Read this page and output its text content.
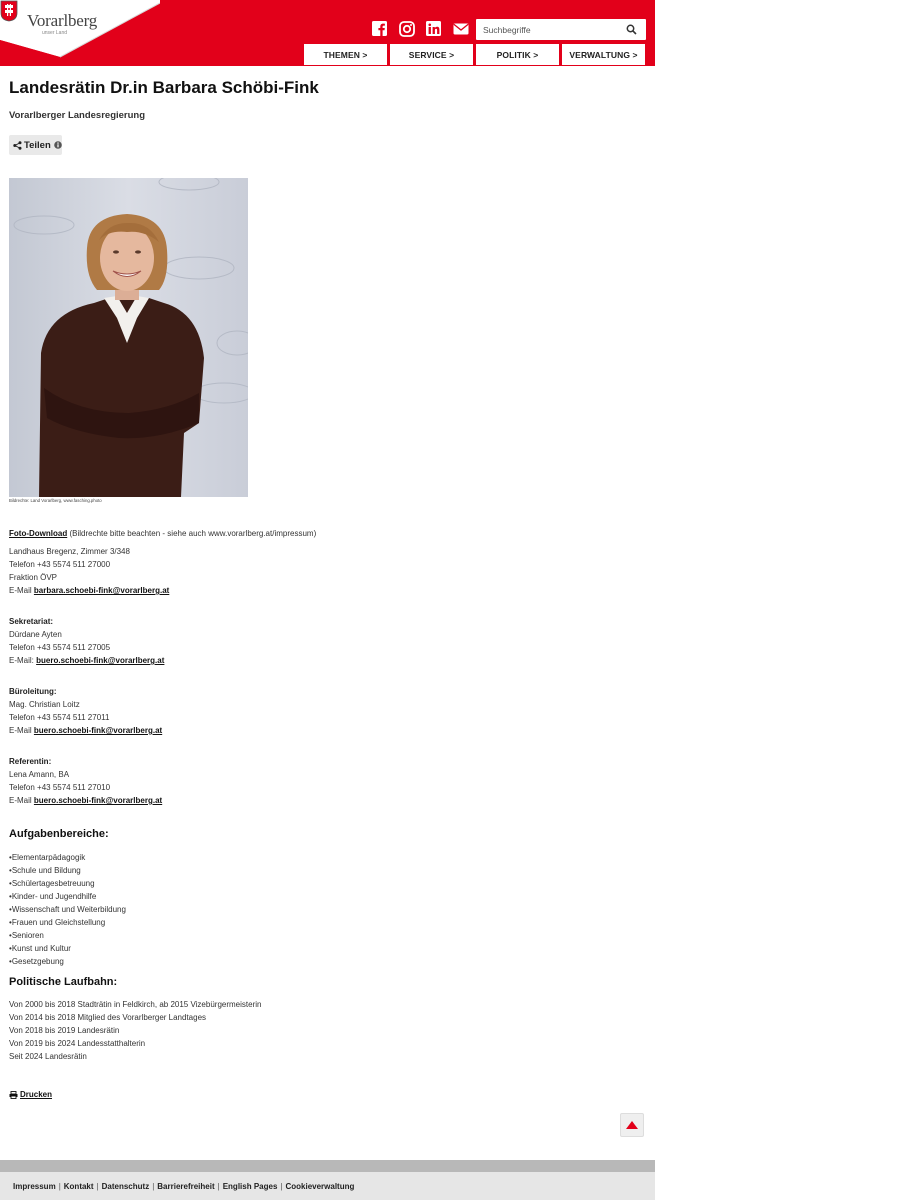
Vorarlberg
unser Land
Suchbegriffe
THEMEN >	SERVICE >	POLITIK >	VERWALTUNG >
Landesrätin Dr.in Barbara Schöbi-Fink
Vorarlberger Landesregierung
Teilen
Bildrechte: Land Vorarlberg, www.fasching.photo
Foto-Download (Bildrechte bitte beachten - siehe auch www.vorarlberg.at/impressum)
Landhaus Bregenz, Zimmer 3/348
Telefon +43 5574 511 27000
Fraktion ÖVP
E-Mail barbara.schoebi-fink@vorarlberg.at
Sekretariat:
Dürdane Ayten
Telefon +43 5574 511 27005
E-Mail: buero.schoebi-fink@vorarlberg.at
Büroleitung:
Mag. Christian Loitz
Telefon +43 5574 511 27011
E-Mail buero.schoebi-fink@vorarlberg.at
Referentin:
Lena Amann, BA
Telefon +43 5574 511 27010
E-Mail buero.schoebi-fink@vorarlberg.at
Aufgabenbereiche:
• Elementarpädagogik
• Schule und Bildung
• Schülertagesbetreuung
• Kinder- und Jugendhilfe
• Wissenschaft und Weiterbildung
• Frauen und Gleichstellung
• Senioren
• Kunst und Kultur
• Gesetzgebung
Politische Laufbahn:
Von 2000 bis 2018 Stadträtin in Feldkirch, ab 2015 Vizebürgermeisterin
Von 2014 bis 2018 Mitglied des Vorarlberger Landtages
Von 2018 bis 2019 Landesrätin
Von 2019 bis 2024 Landesstatthalterin
Seit 2024 Landesrätin
Drucken
Impressum | Kontakt | Datenschutz | Barrierefreiheit | English Pages | Cookieverwaltung
